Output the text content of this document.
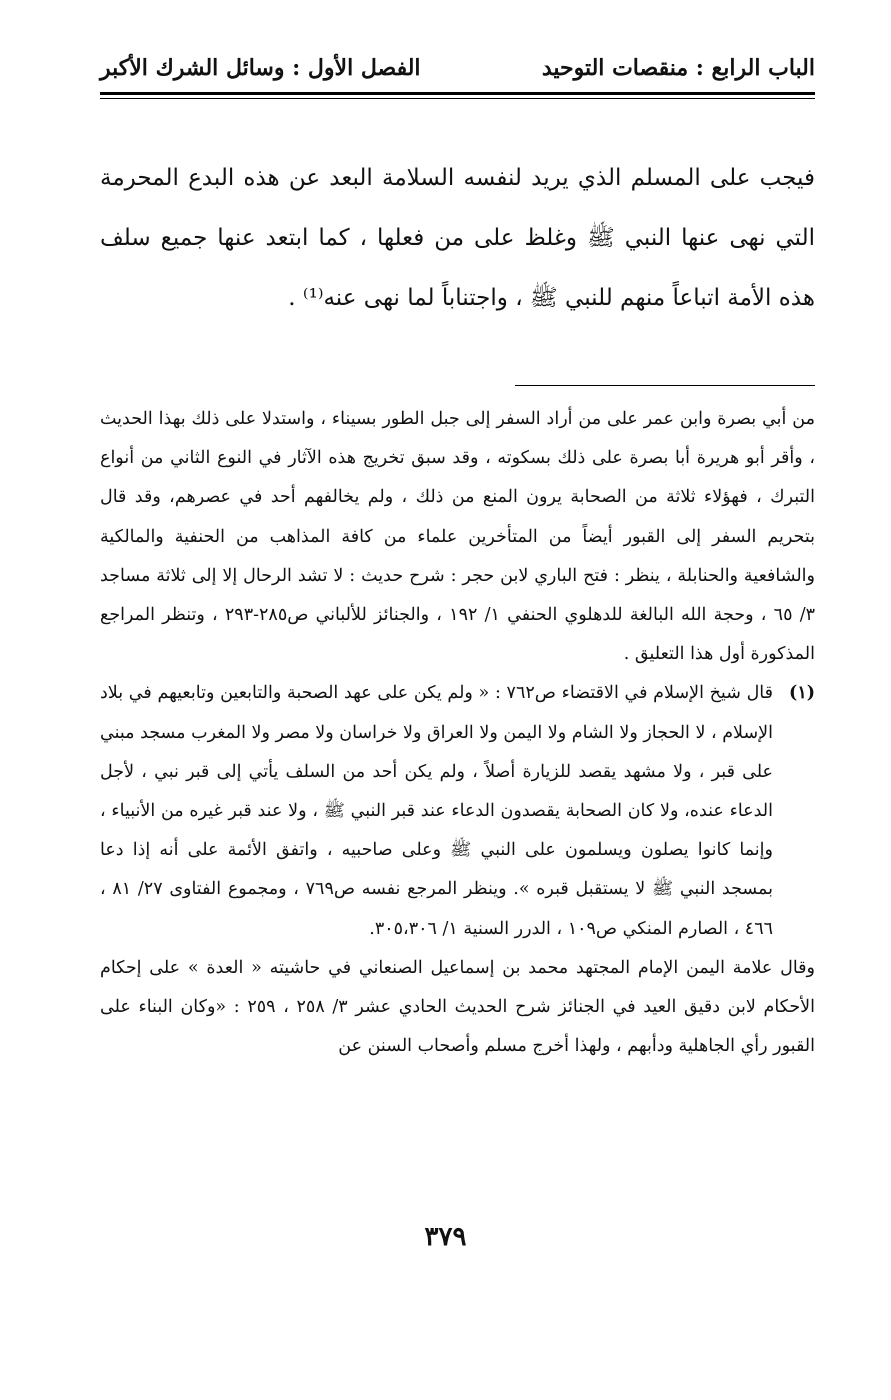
الباب الرابع : منقصات التوحيد
الفصل الأول : وسائل الشرك الأكبر

فيجب على المسلم الذي يريد لنفسه السلامة البعد عن هذه البدع المحرمة التي نهى عنها النبي ﷺ وغلظ على من فعلها ، كما ابتعد عنها جميع سلف هذه الأمة اتباعاً منهم للنبي ﷺ ، واجتناباً لما نهى عنه⁽¹⁾ .

من أبي بصرة وابن عمر على من أراد السفر إلى جبل الطور بسيناء ، واستدلا على ذلك بهذا الحديث ، وأقر أبو هريرة أبا بصرة على ذلك بسكوته ، وقد سبق تخريج هذه الآثار في النوع الثاني من أنواع التبرك ، فهؤلاء ثلاثة من الصحابة يرون المنع من ذلك ، ولم يخالفهم أحد في عصرهم، وقد قال بتحريم السفر إلى القبور أيضاً من المتأخرين علماء من كافة المذاهب من الحنفية والمالكية والشافعية والحنابلة ، ينظر : فتح الباري لابن حجر : شرح حديث : لا تشد الرحال إلا إلى ثلاثة مساجد ٣/ ٦٥ ، وحجة الله البالغة للدهلوي الحنفي ١/ ١٩٢ ، والجنائز للألباني ص٢٨٥-٢٩٣ ، وتنظر المراجع المذكورة أول هذا التعليق .

(١)

قال شيخ الإسلام في الاقتضاء ص٧٦٢ : « ولم يكن على عهد الصحبة والتابعين وتابعيهم في بلاد الإسلام ، لا الحجاز ولا الشام ولا اليمن ولا العراق ولا خراسان ولا مصر ولا المغرب مسجد مبني على قبر ، ولا مشهد يقصد للزيارة أصلاً ، ولم يكن أحد من السلف يأتي إلى قبر نبي ، لأجل الدعاء عنده، ولا كان الصحابة يقصدون الدعاء عند قبر النبي ﷺ ، ولا عند قبر غيره من الأنبياء ، وإنما كانوا يصلون ويسلمون على النبي ﷺ وعلى صاحبيه ، واتفق الأئمة على أنه إذا دعا بمسجد النبي ﷺ لا يستقبل قبره ». وينظر المرجع نفسه ص٧٦٩ ، ومجموع الفتاوى ٢٧/ ٨١ ، ٤٦٦ ، الصارم المنكي ص١٠٩ ، الدرر السنية ١/ ٣٠٥،٣٠٦.

وقال علامة اليمن الإمام المجتهد محمد بن إسماعيل الصنعاني في حاشيته « العدة » على إحكام الأحكام لابن دقيق العيد في الجنائز شرح الحديث الحادي عشر ٣/ ٢٥٨ ، ٢٥٩ : «وكان البناء على القبور رأي الجاهلية ودأبهم ، ولهذا أخرج مسلم وأصحاب السنن عن

٣٧٩
